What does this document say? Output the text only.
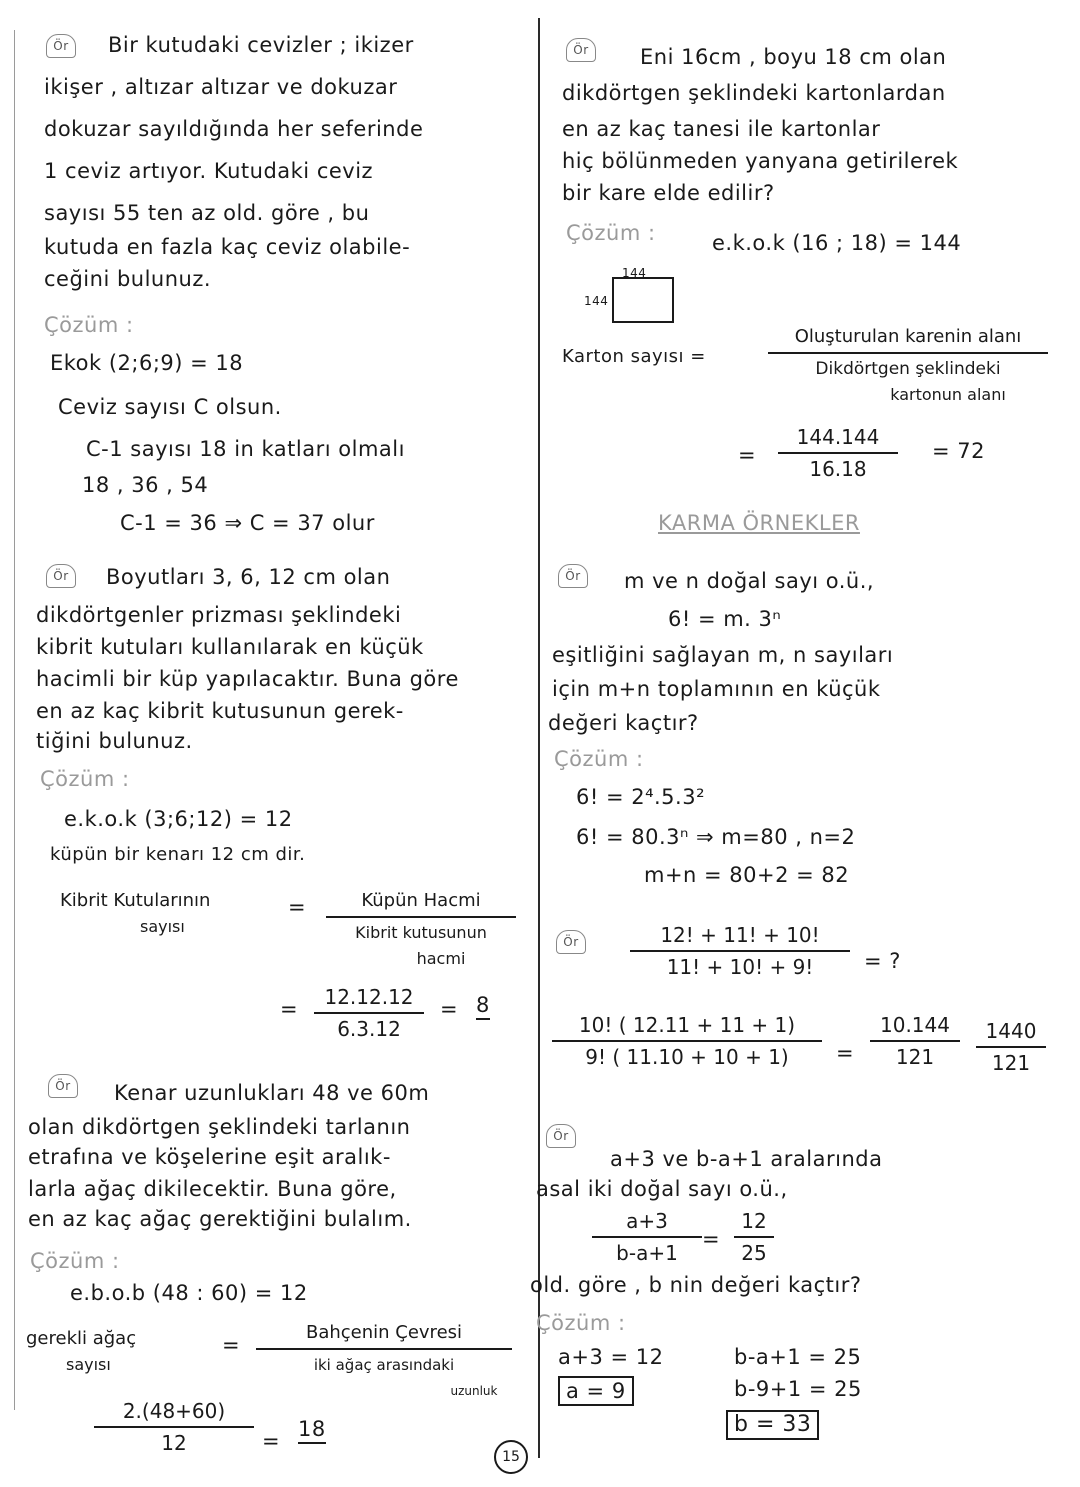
Ör	Bir kutudaki cevizler ; ikizer
ikişer , altızar altızar ve dokuzar
dokuzar sayıldığında her seferinde
1 ceviz artıyor. Kutudaki ceviz
sayısı 55 ten az old. göre , bu
kutuda en fazla kaç ceviz olabile-
ceğini bulunuz.
Çözüm :
Ekok (2;6;9) = 18
Ceviz sayısı C olsun.
C-1 sayısı 18 in katları olmalı
18 , 36 , 54
C-1 = 36 ⇒ C = 37 olur
Ör	Boyutları 3, 6, 12 cm olan
dikdörtgenler prizması şeklindeki
kibrit kutuları kullanılarak en küçük
hacimli bir küp yapılacaktır. Buna göre
en az kaç kibrit kutusunun gerek-
tiğini bulunuz.
Çözüm :
e.k.o.k (3;6;12) = 12
küpün bir kenarı 12 cm dir.
Kibrit Kutularının
sayısı
=	Küpün Hacmi
Kibrit kutusunun
hacmi
= 12.12.12
6.3.12
= 8
Ör	Kenar uzunlukları 48 ve 60m
olan dikdörtgen şeklindeki tarlanın
etrafına ve köşelerine eşit aralık-
larla ağaç dikilecektir. Buna göre,
en az kaç ağaç gerektiğini bulalım.
Çözüm :
e.b.o.b (48 : 60) = 12
gerekli ağaç
sayısı
=
Bahçenin Çevresi
iki ağaç arasındaki
uzunluk
2.(48+60)
12	= 18
Ör	Eni 16cm , boyu 18 cm olan
dikdörtgen şeklindeki kartonlardan
en az kaç tanesi ile kartonlar
hiç bölünmeden yanyana getirilerek
bir kare elde edilir?
Çözüm :	e.k.o.k (16 ; 18) = 144
144
144
Karton sayısı =
Oluşturulan karenin alanı
Dikdörtgen şeklindeki
kartonun alanı
=
144.144
16.18
= 72
KARMA ÖRNEKLER
Ör	m ve n doğal sayı o.ü.,
6! = m. 3ⁿ
eşitliğini sağlayan m, n sayıları
için m+n toplamının en küçük
değeri kaçtır?
Çözüm :
6! = 2⁴.5.3²
6! = 80.3ⁿ ⇒ m=80 , n=2
m+n = 80+2 = 82
Ör	12! + 11! + 10!
11! + 10! + 9! = ?
10! ( 12.11 + 11 + 1)
9! ( 11.10 + 10 + 1) =
10.144
121
1440
121
Ör
a+3 ve b-a+1 aralarında
asal iki doğal sayı o.ü.,
a+3
b-a+1
=
12
25
old. göre , b nin değeri kaçtır?
Çözüm :
a+3 = 12
a = 9
b-a+1 = 25
b-9+1 = 25
b = 33
15
